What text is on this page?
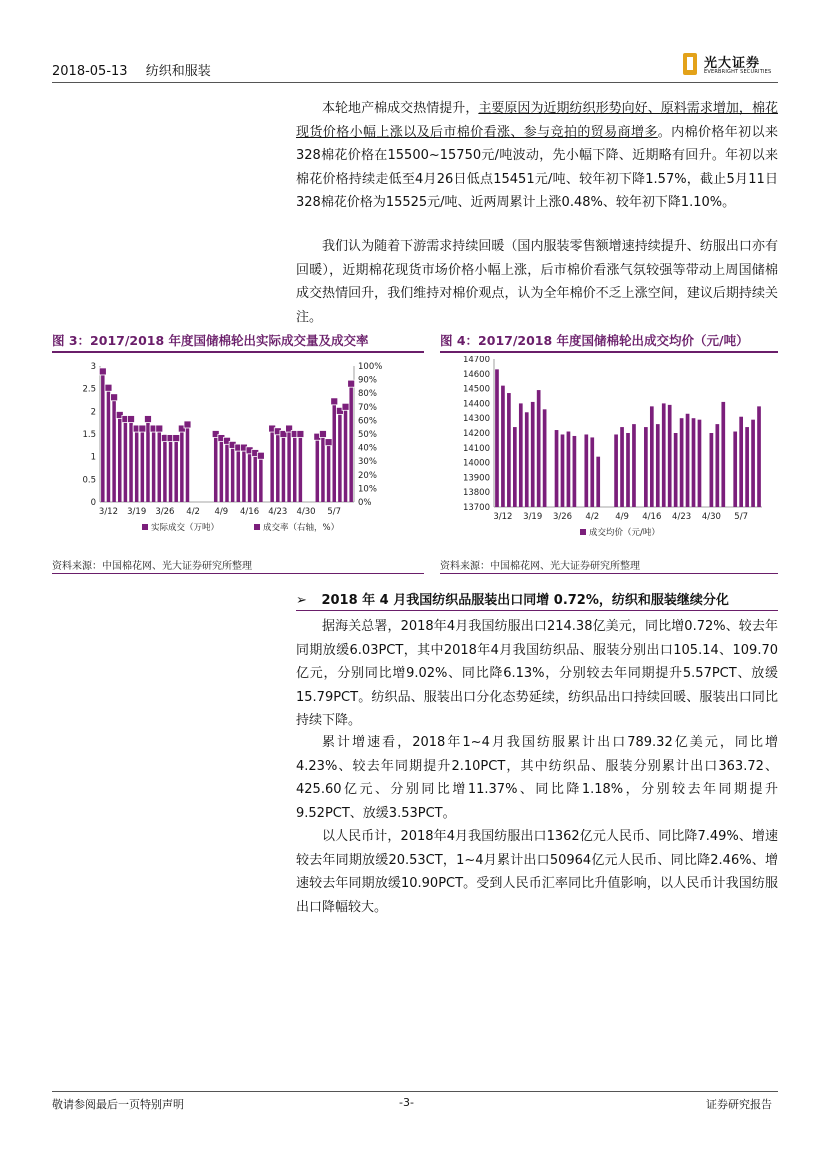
2018-05-13 纺织和服装
光大证券
EVERBRIGHT SECURITIES
本轮地产棉成交热情提升，主要原因为近期纺织形势向好、原料需求增加，棉花现货价格小幅上涨以及后市棉价看涨、参与竞拍的贸易商增多。内棉价格年初以来328棉花价格在15500~15750元/吨波动，先小幅下降、近期略有回升。年初以来棉花价格持续走低至4月26日低点15451元/吨、较年初下降1.57%，截止5月11日328棉花价格为15525元/吨、近两周累计上涨0.48%、较年初下降1.10%。
我们认为随着下游需求持续回暖（国内服装零售额增速持续提升、纺服出口亦有回暖），近期棉花现货市场价格小幅上涨，后市棉价看涨气氛较强等带动上周国储棉成交热情回升，我们维持对棉价观点，认为全年棉价不乏上涨空间，建议后期持续关注。
图 3：2017/2018 年度国储棉轮出实际成交量及成交率
0
0.5
1
1.5
2
2.5
3
0%
10%
20%
30%
40%
50%
60%
70%
80%
90%
100%
3/12 3/19 3/26 4/2 4/9 4/16 4/23 4/30 5/7
实际成交（万吨）	成交率（右轴，%）
资料来源：中国棉花网、光大证券研究所整理
图 4：2017/2018 年度国储棉轮出成交均价（元/吨）
13700
13800
13900
14000
14100
14200
14300
14400
14500
14600
14700
3/12 3/19 3/26 4/2 4/9 4/16 4/23 4/30 5/7
成交均价（元/吨）
资料来源：中国棉花网、光大证券研究所整理
➢ 2018 年 4 月我国纺织品服装出口同增 0.72%，纺织和服装继续分化
据海关总署，2018年4月我国纺服出口214.38亿美元，同比增0.72%、较去年同期放缓6.03PCT，其中2018年4月我国纺织品、服装分别出口105.14、109.70亿元，分别同比增9.02%、同比降6.13%，分别较去年同期提升5.57PCT、放缓15.79PCT。纺织品、服装出口分化态势延续，纺织品出口持续回暖、服装出口同比持续下降。
累计增速看，2018年1~4月我国纺服累计出口789.32亿美元，同比增4.23%、较去年同期提升2.10PCT，其中纺织品、服装分别累计出口363.72、425.60亿元、分别同比增11.37%、同比降1.18%，分别较去年同期提升9.52PCT、放缓3.53PCT。
以人民币计，2018年4月我国纺服出口1362亿元人民币、同比降7.49%、增速较去年同期放缓20.53CT，1~4月累计出口50964亿元人民币、同比降2.46%、增速较去年同期放缓10.90PCT。受到人民币汇率同比升值影响，以人民币计我国纺服出口降幅较大。
敬请参阅最后一页特别声明	-3-	证券研究报告
